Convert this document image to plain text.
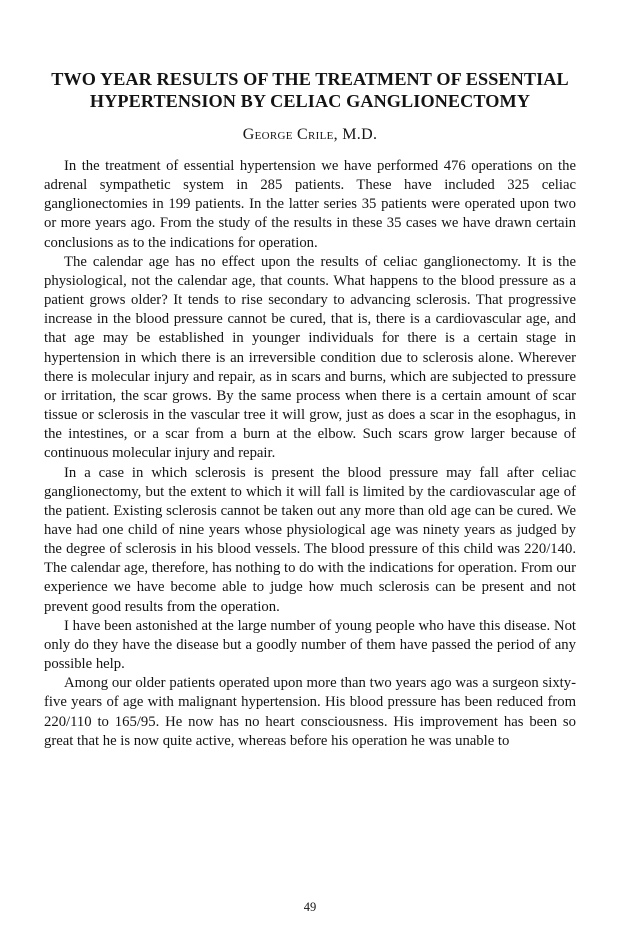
TWO YEAR RESULTS OF THE TREATMENT OF ESSENTIAL
HYPERTENSION BY CELIAC GANGLIONECTOMY
George Crile, M.D.

In the treatment of essential hypertension we have performed 476 operations on the adrenal sympathetic system in 285 patients. These have included 325 celiac ganglionectomies in 199 patients. In the latter series 35 patients were operated upon two or more years ago. From the study of the results in these 35 cases we have drawn certain conclusions as to the indications for operation.

The calendar age has no effect upon the results of celiac ganglionectomy. It is the physiological, not the calendar age, that counts. What happens to the blood pressure as a patient grows older? It tends to rise secondary to advancing sclerosis. That progressive increase in the blood pressure cannot be cured, that is, there is a cardiovascular age, and that age may be established in younger individuals for there is a certain stage in hypertension in which there is an irreversible condition due to sclerosis alone. Wherever there is molecular injury and repair, as in scars and burns, which are subjected to pressure or irritation, the scar grows. By the same process when there is a certain amount of scar tissue or sclerosis in the vascular tree it will grow, just as does a scar in the esophagus, in the intestines, or a scar from a burn at the elbow. Such scars grow larger because of continuous molecular injury and repair.

In a case in which sclerosis is present the blood pressure may fall after celiac ganglionectomy, but the extent to which it will fall is limited by the cardiovascular age of the patient. Existing sclerosis cannot be taken out any more than old age can be cured. We have had one child of nine years whose physiological age was ninety years as judged by the degree of sclerosis in his blood vessels. The blood pressure of this child was 220/140. The calendar age, therefore, has nothing to do with the indications for operation. From our experience we have become able to judge how much sclerosis can be present and not prevent good results from the operation.

I have been astonished at the large number of young people who have this disease. Not only do they have the disease but a goodly number of them have passed the period of any possible help.

Among our older patients operated upon more than two years ago was a surgeon sixty-five years of age with malignant hypertension. His blood pressure has been reduced from 220/110 to 165/95. He now has no heart consciousness. His improvement has been so great that he is now quite active, whereas before his operation he was unable to

49
